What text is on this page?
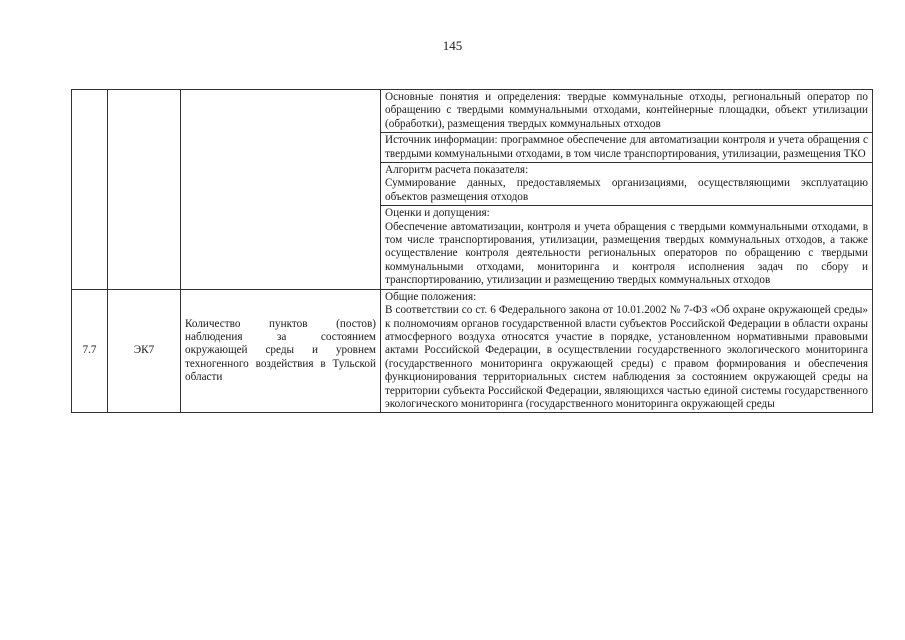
145
			Основные понятия и определения: твердые коммунальные отходы, региональный оператор по обращению с твердыми коммунальными отходами, контейнерные площадки, объект утилизации (обработки), размещения твердых коммунальных отходов
			Источник информации: программное обеспечение для автоматизации контроля и учета обращения с твердыми коммунальными отходами, в том числе транспортирования, утилизации, размещения ТКО

			Алгоритм расчета показателя:
Суммирование данных, предоставляемых организациями, осуществляющими эксплуатацию объектов размещения отходов

			Оценки и допущения:
Обеспечение автоматизации, контроля и учета обращения с твердыми коммунальными отходами, в том числе транспортирования, утилизации, размещения твердых коммунальных отходов, а также осуществление контроля деятельности региональных операторов по обращению с твердыми коммунальными отходами, мониторинга и контроля исполнения задач по сбору и транспортированию, утилизации и размещению твердых коммунальных отходов

7.7	ЭК7	Количество пунктов (постов) наблюдения за состоянием окружающей среды и уровнем техногенного воздействия в Тульской области	Общие положения:
В соответствии со ст. 6 Федерального закона от 10.01.2002 № 7-ФЗ «Об охране окружающей среды» к полномочиям органов государственной власти субъектов Российской Федерации в области охраны атмосферного воздуха относятся участие в порядке, установленном нормативными правовыми актами Российской Федерации, в осуществлении государственного экологического мониторинга (государственного мониторинга окружающей среды) с правом формирования и обеспечения функционирования территориальных систем наблюдения за состоянием окружающей среды на территории субъекта Российской Федерации, являющихся частью единой системы государственного экологического мониторинга (государственного мониторинга окружающей среды
